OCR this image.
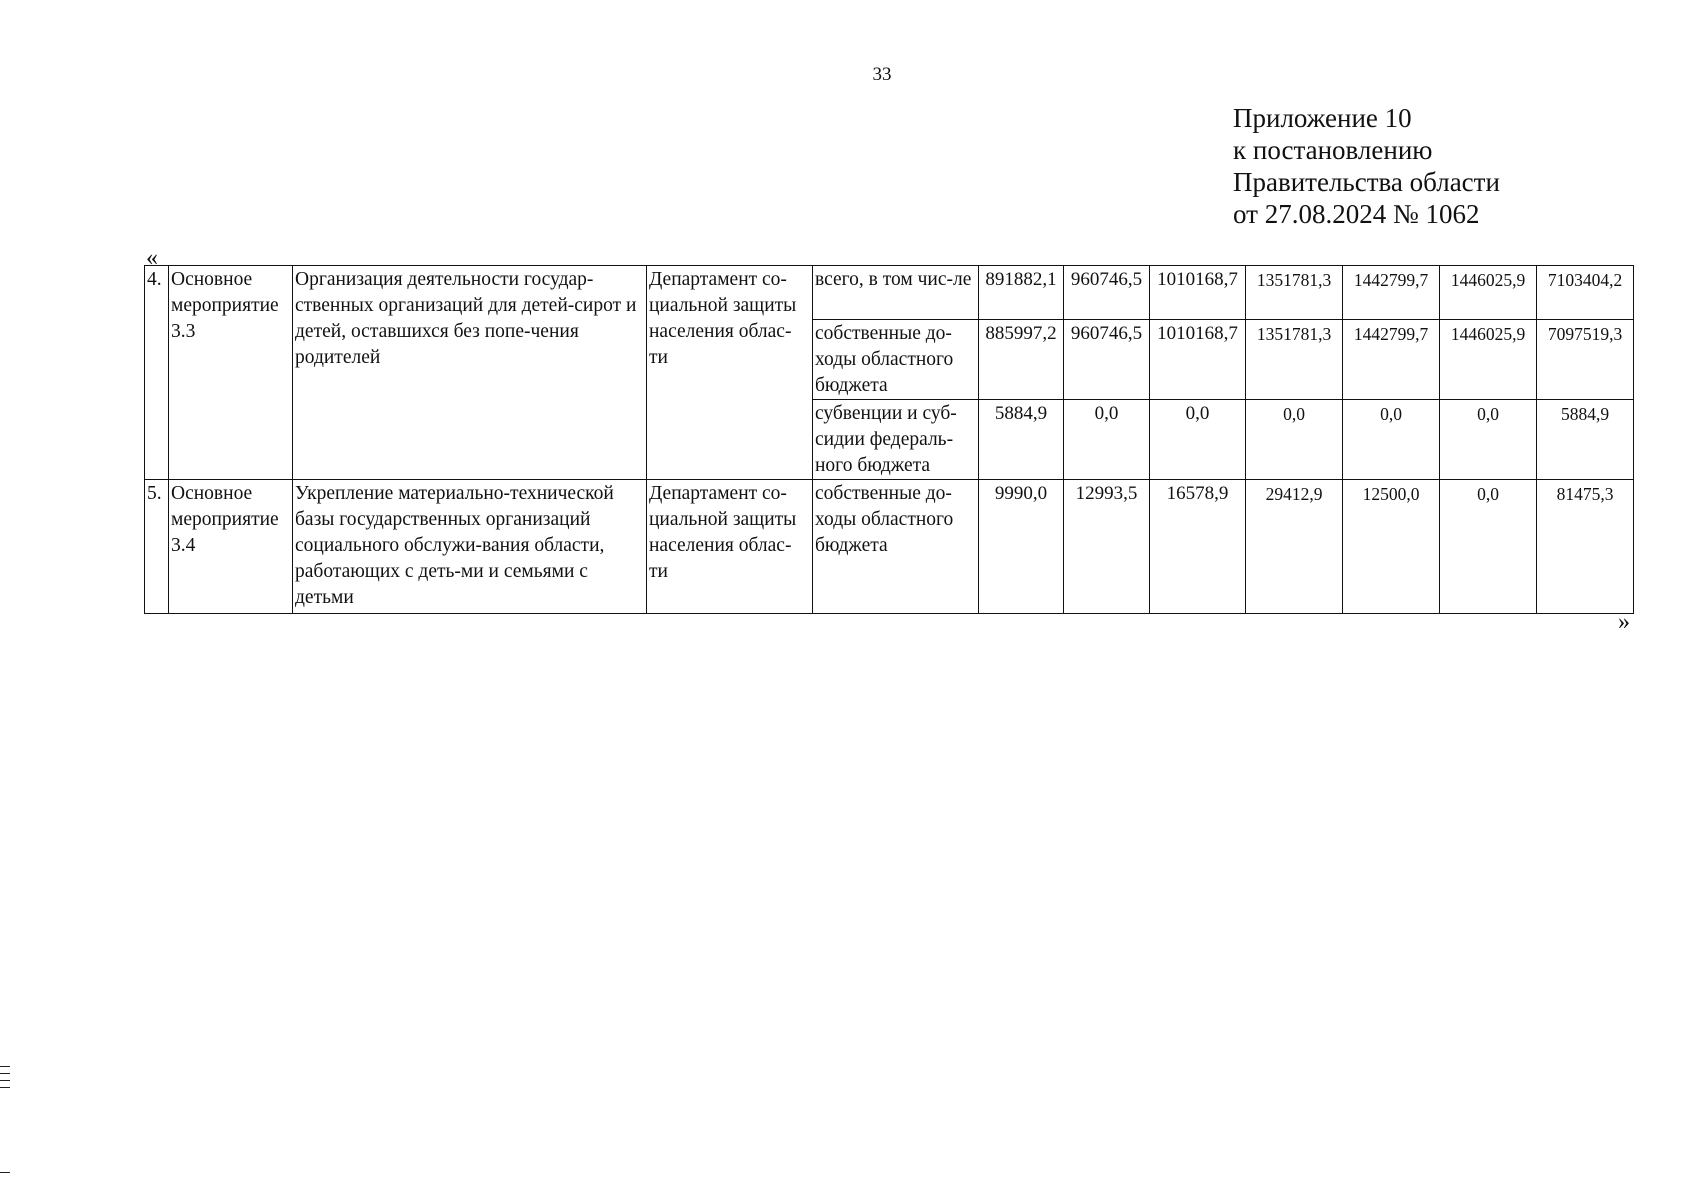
33
Приложение 10
к постановлению
Правительства области
от 27.08.2024 № 1062
«
4.	Основное мероприятие 3.3	Организация деятельности государ-ственных организаций для детей-сирот и детей, оставшихся без попе-чения родителей	Департамент со-циальной защиты населения облас-ти	всего, в том чис-ле	891882,1	960746,5	1010168,7	1351781,3	1442799,7	1446025,9	7103404,2
				собственные до-ходы областного бюджета	885997,2	960746,5	1010168,7	1351781,3	1442799,7	1446025,9	7097519,3
				субвенции и суб-сидии федераль-ного бюджета	5884,9	0,0	0,0	0,0	0,0	0,0	5884,9
5.	Основное мероприятие 3.4	Укрепление материально-технической базы государственных организаций социального обслужи-вания области, работающих с деть-ми и семьями с детьми	Департамент со-циальной защиты населения облас-ти	собственные до-ходы областного бюджета	9990,0	12993,5	16578,9	29412,9	12500,0	0,0	81475,3
»
